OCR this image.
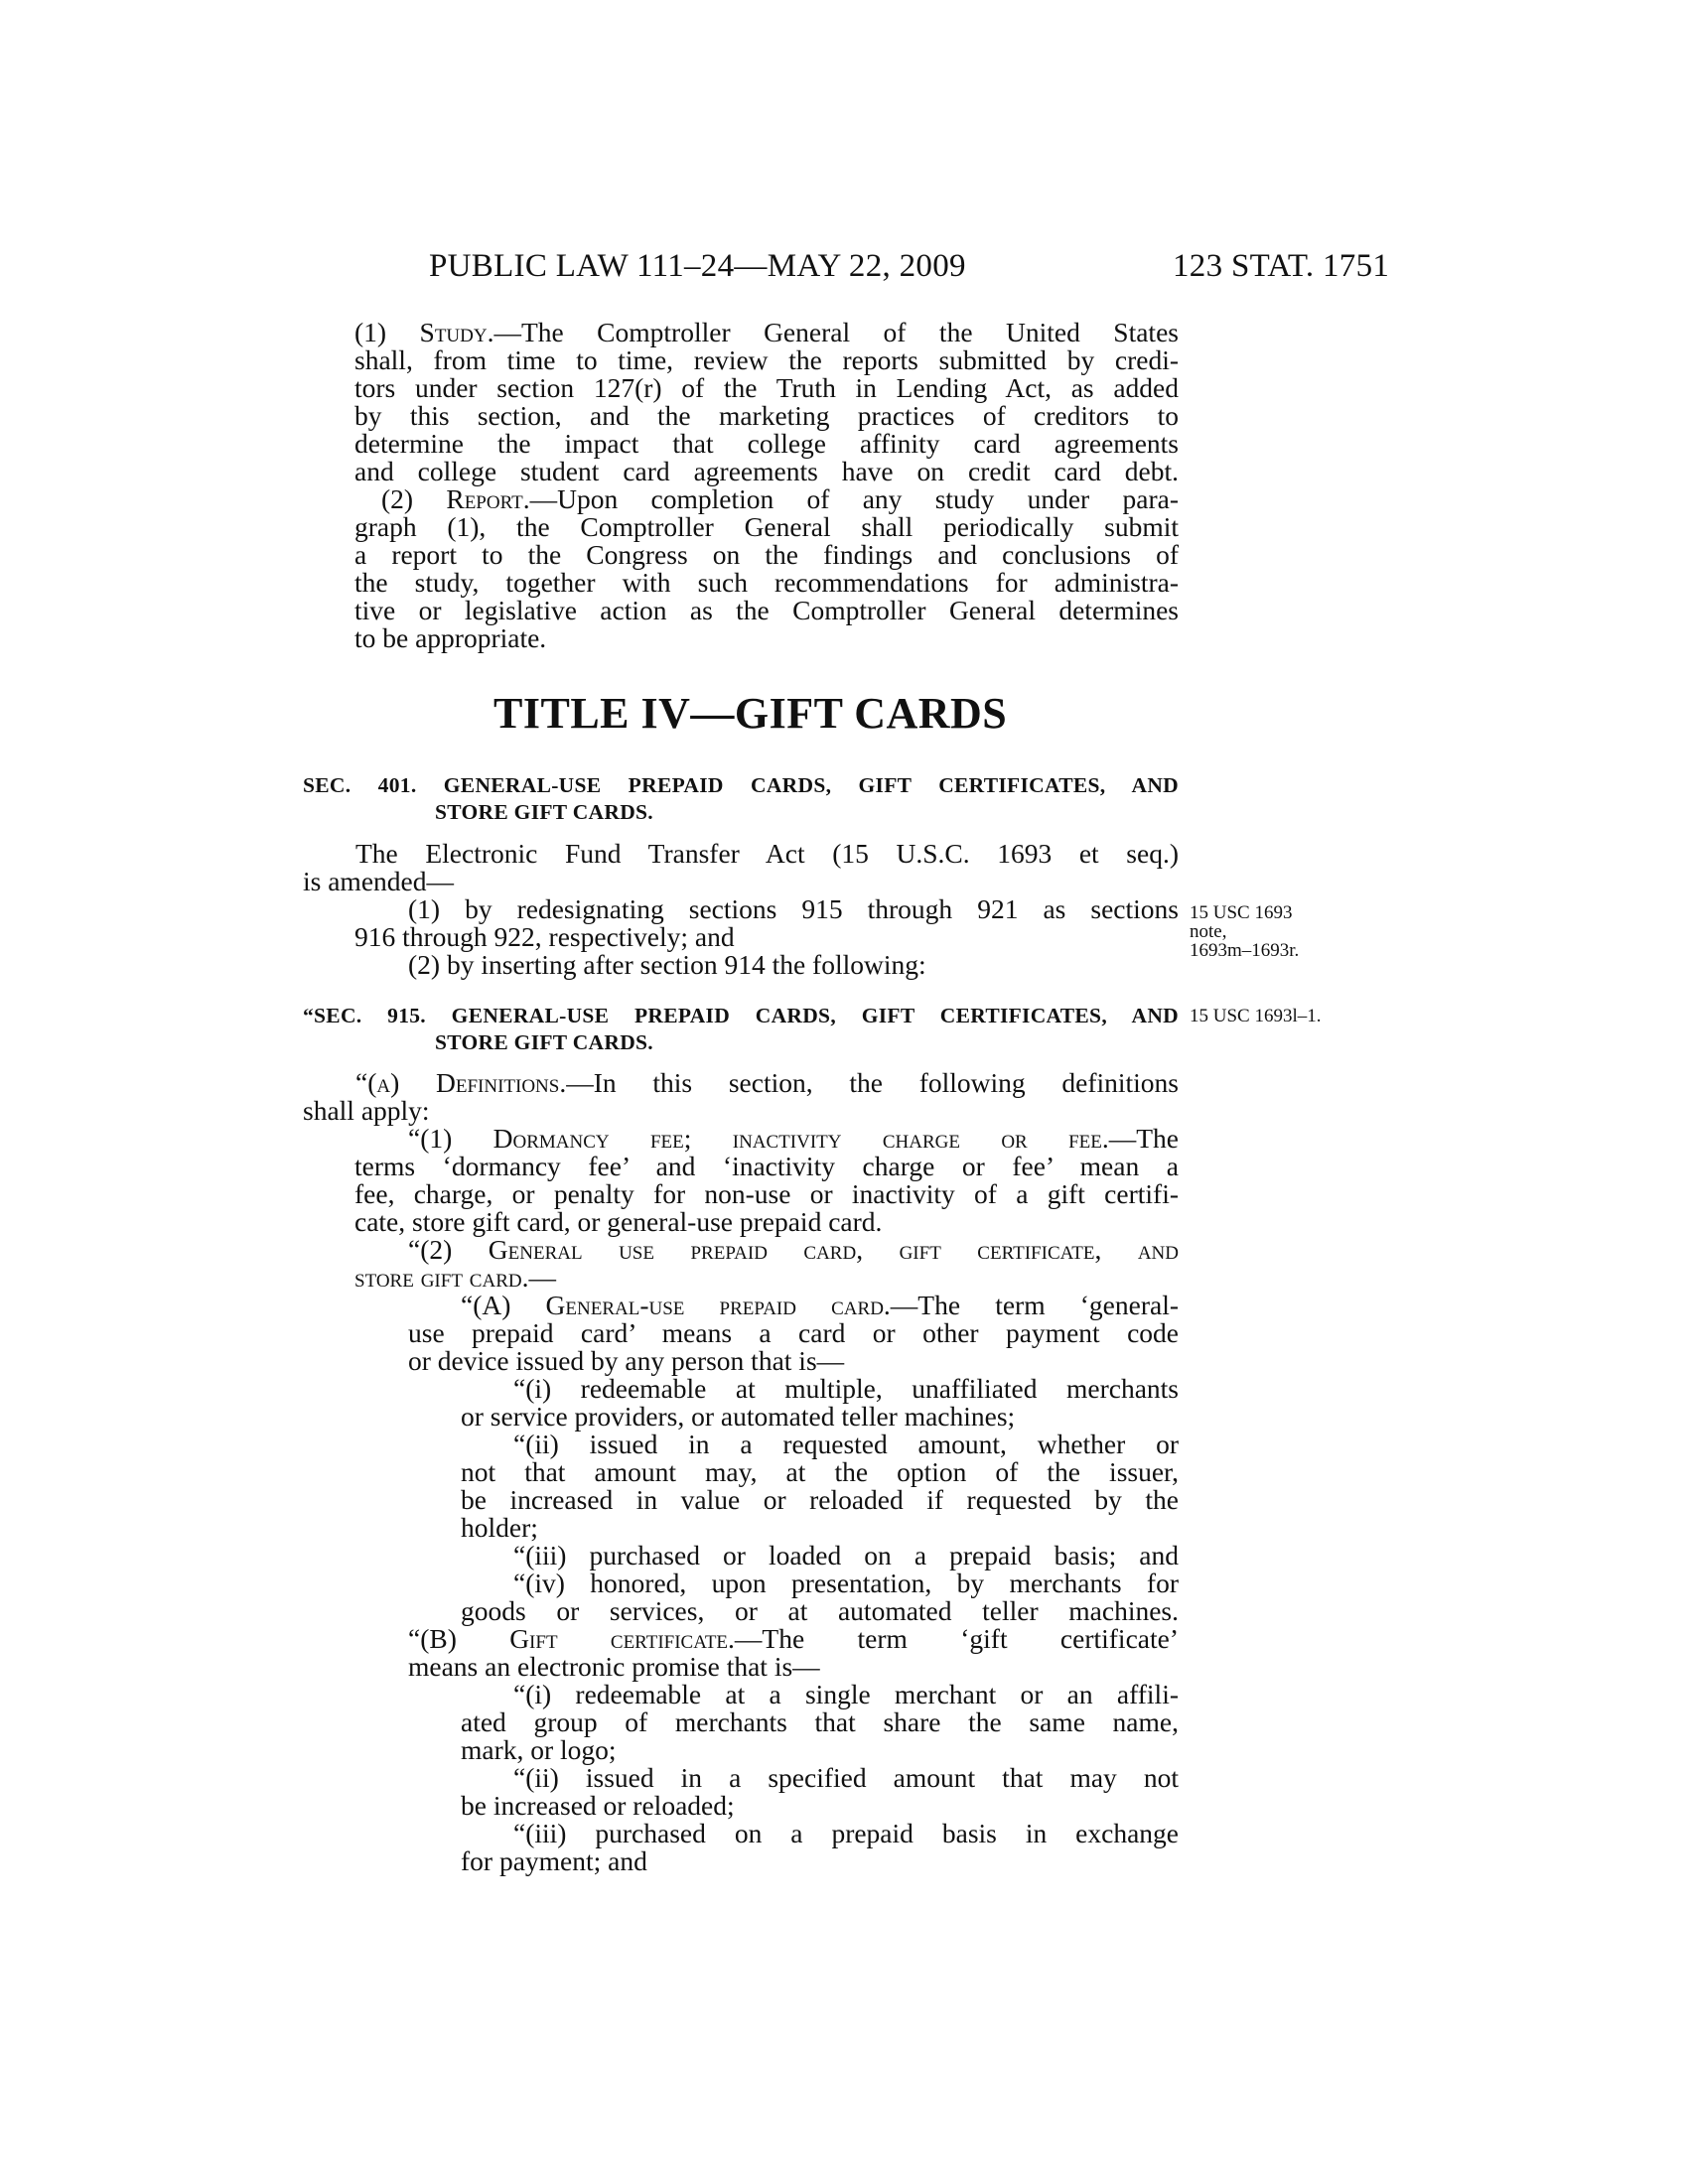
PUBLIC LAW 111–24—MAY 22, 2009	123 STAT. 1751
(1) Study.—The Comptroller General of the United States
shall, from time to time, review the reports submitted by credi-
tors under section 127(r) of the Truth in Lending Act, as added
by this section, and the marketing practices of creditors to
determine the impact that college affinity card agreements
and college student card agreements have on credit card debt.
(2) Report.—Upon completion of any study under para-
graph (1), the Comptroller General shall periodically submit
a report to the Congress on the findings and conclusions of
the study, together with such recommendations for administra-
tive or legislative action as the Comptroller General determines
to be appropriate.
TITLE IV—GIFT CARDS
SEC. 401. GENERAL-USE PREPAID CARDS, GIFT CERTIFICATES, AND
STORE GIFT CARDS.
The Electronic Fund Transfer Act (15 U.S.C. 1693 et seq.)
is amended—
(1) by redesignating sections 915 through 921 as sections
916 through 922, respectively; and
(2) by inserting after section 914 the following:
15 USC 1693
note,
1693m–1693r.
“SEC. 915. GENERAL-USE PREPAID CARDS, GIFT CERTIFICATES, AND
STORE GIFT CARDS.
15 USC 1693l–1.
“(a) Definitions.—In this section, the following definitions
shall apply:
“(1) Dormancy fee; inactivity charge or fee.—The
terms ‘dormancy fee’ and ‘inactivity charge or fee’ mean a
fee, charge, or penalty for non-use or inactivity of a gift certifi-
cate, store gift card, or general-use prepaid card.
“(2) General use prepaid card, gift certificate, and
store gift card.—
“(A) General-use prepaid card.—The term ‘general-
use prepaid card’ means a card or other payment code
or device issued by any person that is—
“(i) redeemable at multiple, unaffiliated merchants
or service providers, or automated teller machines;
“(ii) issued in a requested amount, whether or
not that amount may, at the option of the issuer,
be increased in value or reloaded if requested by the
holder;
“(iii) purchased or loaded on a prepaid basis; and
“(iv) honored, upon presentation, by merchants for
goods or services, or at automated teller machines.
“(B) Gift certificate.—The term ‘gift certificate’
means an electronic promise that is—
“(i) redeemable at a single merchant or an affili-
ated group of merchants that share the same name,
mark, or logo;
“(ii) issued in a specified amount that may not
be increased or reloaded;
“(iii) purchased on a prepaid basis in exchange
for payment; and
